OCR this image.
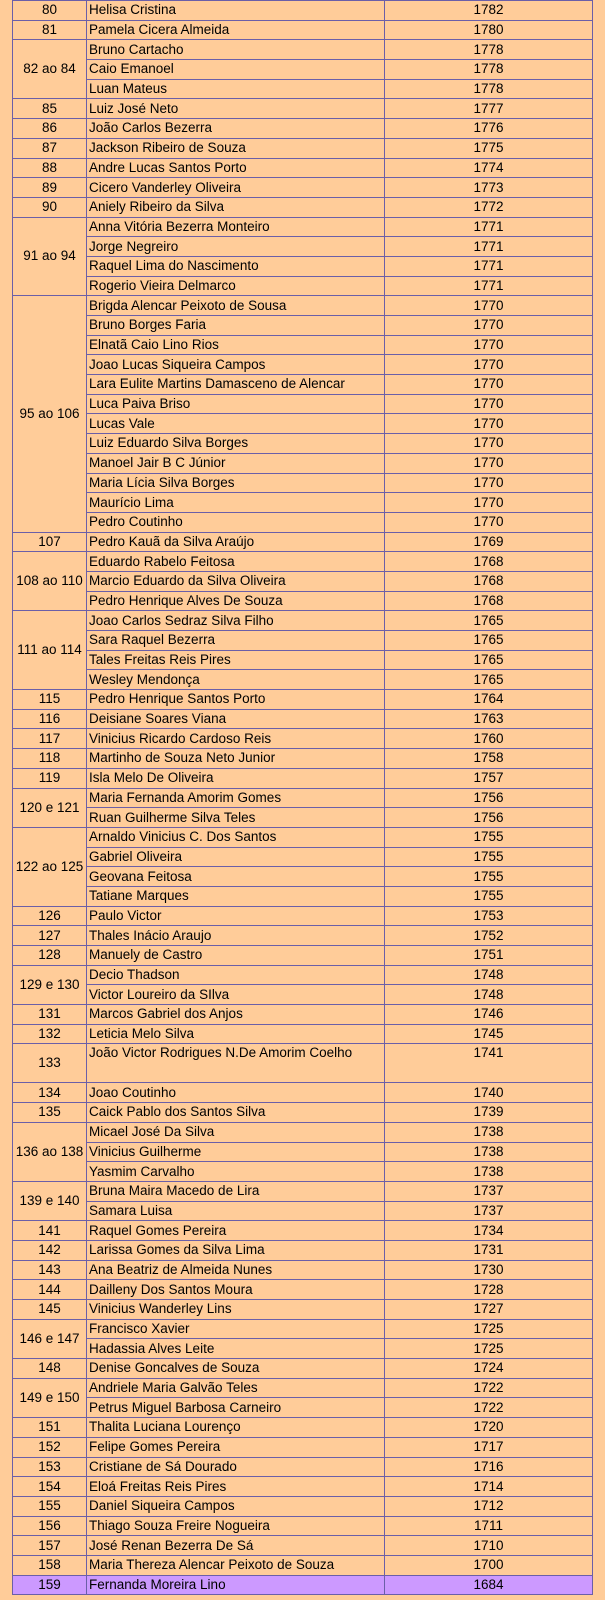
80	Helisa Cristina	1782
81	Pamela Cicera Almeida	1780
82 ao 84	Bruno Cartacho	1778
	Caio Emanoel	1778
	Luan Mateus	1778
85	Luiz José Neto	1777
86	João Carlos Bezerra	1776
87	Jackson Ribeiro de Souza	1775
88	Andre Lucas Santos Porto	1774
89	Cicero Vanderley Oliveira	1773
90	Aniely Ribeiro da Silva	1772
91 ao 94	Anna Vitória Bezerra Monteiro	1771
	Jorge Negreiro	1771
	Raquel Lima do Nascimento	1771
	Rogerio Vieira Delmarco	1771
95 ao 106	Brigda Alencar Peixoto de Sousa	1770
	Bruno Borges Faria	1770
	Elnatã Caio Lino Rios	1770
	Joao Lucas Siqueira Campos	1770
	Lara Eulite Martins Damasceno de Alencar	1770
	Luca Paiva Briso	1770
	Lucas Vale	1770
	Luiz Eduardo Silva Borges	1770
	Manoel Jair B C Júnior	1770
	Maria Lícia Silva Borges	1770
	Maurício Lima	1770
	Pedro Coutinho	1770
107	Pedro Kauã da Silva Araújo	1769
108 ao 110	Eduardo Rabelo Feitosa	1768
	Marcio Eduardo da Silva Oliveira	1768
	Pedro Henrique Alves De Souza	1768
111 ao 114	Joao Carlos Sedraz Silva Filho	1765
	Sara Raquel Bezerra	1765
	Tales Freitas Reis Pires	1765
	Wesley Mendonça	1765
115	Pedro Henrique Santos Porto	1764
116	Deisiane Soares Viana	1763
117	Vinicius Ricardo Cardoso Reis	1760
118	Martinho de Souza Neto Junior	1758
119	Isla Melo De Oliveira	1757
120 e 121	Maria Fernanda Amorim Gomes	1756
	Ruan Guilherme Silva Teles	1756
122 ao 125	Arnaldo Vinicius C. Dos Santos	1755
	Gabriel Oliveira	1755
	Geovana Feitosa	1755
	Tatiane Marques	1755
126	Paulo Victor	1753
127	Thales Inácio Araujo	1752
128	Manuely de Castro	1751
129 e 130	Decio Thadson	1748
	Victor Loureiro da SIlva	1748
131	Marcos Gabriel dos Anjos	1746
132	Leticia Melo Silva	1745
133	João Victor Rodrigues N.De Amorim Coelho	1741
134	Joao Coutinho	1740
135	Caick Pablo dos Santos Silva	1739
136 ao 138	Micael José Da Silva	1738
	Vinicius Guilherme	1738
	Yasmim Carvalho	1738
139 e 140	Bruna Maira Macedo de Lira	1737
	Samara Luisa	1737
141	Raquel Gomes Pereira	1734
142	Larissa Gomes da Silva Lima	1731
143	Ana Beatriz de Almeida Nunes	1730
144	Dailleny Dos Santos Moura	1728
145	Vinicius Wanderley Lins	1727
146 e 147	Francisco Xavier	1725
	Hadassia Alves Leite	1725
148	Denise Goncalves de Souza	1724
149 e 150	Andriele Maria Galvão Teles	1722
	Petrus Miguel Barbosa Carneiro	1722
151	Thalita Luciana Lourenço	1720
152	Felipe Gomes Pereira	1717
153	Cristiane de Sá Dourado	1716
154	Eloá Freitas Reis Pires	1714
155	Daniel Siqueira Campos	1712
156	Thiago Souza Freire Nogueira	1711
157	José Renan Bezerra De Sá	1710
158	Maria Thereza Alencar Peixoto de Souza	1700
159	Fernanda Moreira Lino	1684
